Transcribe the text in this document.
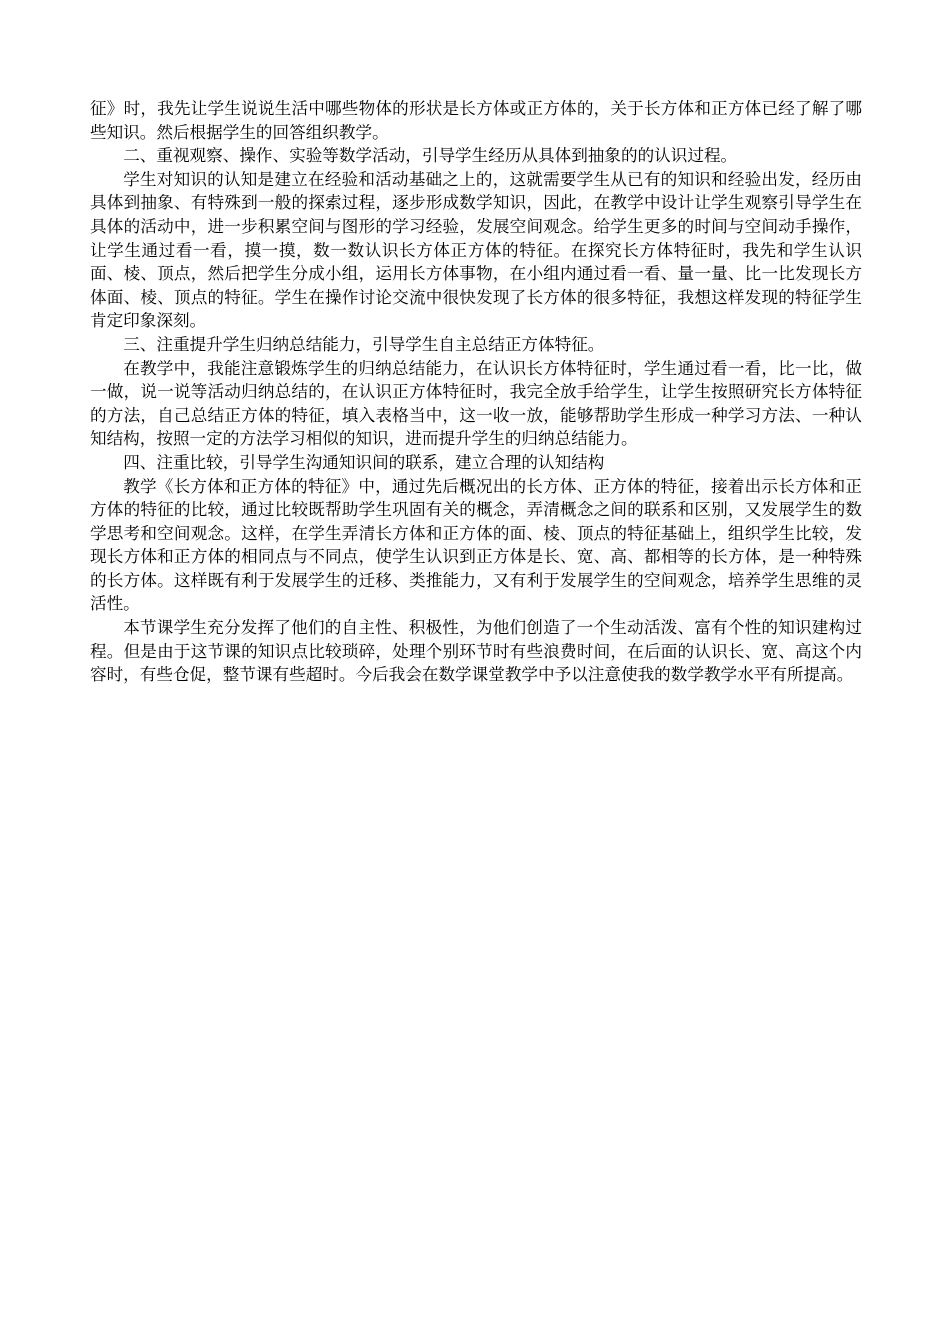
征》时，我先让学生说说生活中哪些物体的形状是长方体或正方体的，关于长方体和正方体已经了解了哪些知识。然后根据学生的回答组织教学。

二、重视观察、操作、实验等数学活动，引导学生经历从具体到抽象的的认识过程。

学生对知识的认知是建立在经验和活动基础之上的，这就需要学生从已有的知识和经验出发，经历由具体到抽象、有特殊到一般的探索过程，逐步形成数学知识，因此，在教学中设计让学生观察引导学生在具体的活动中，进一步积累空间与图形的学习经验，发展空间观念。给学生更多的时间与空间动手操作，让学生通过看一看，摸一摸，数一数认识长方体正方体的特征。在探究长方体特征时，我先和学生认识面、棱、顶点，然后把学生分成小组，运用长方体事物，在小组内通过看一看、量一量、比一比发现长方体面、棱、顶点的特征。学生在操作讨论交流中很快发现了长方体的很多特征，我想这样发现的特征学生肯定印象深刻。

三、注重提升学生归纳总结能力，引导学生自主总结正方体特征。

在教学中，我能注意锻炼学生的归纳总结能力，在认识长方体特征时，学生通过看一看，比一比，做一做，说一说等活动归纳总结的，在认识正方体特征时，我完全放手给学生，让学生按照研究长方体特征的方法，自己总结正方体的特征，填入表格当中，这一收一放，能够帮助学生形成一种学习方法、一种认知结构，按照一定的方法学习相似的知识，进而提升学生的归纳总结能力。

四、注重比较，引导学生沟通知识间的联系，建立合理的认知结构

教学《长方体和正方体的特征》中，通过先后概况出的长方体、正方体的特征，接着出示长方体和正方体的特征的比较，通过比较既帮助学生巩固有关的概念，弄清概念之间的联系和区别，又发展学生的数学思考和空间观念。这样，在学生弄清长方体和正方体的面、棱、顶点的特征基础上，组织学生比较，发现长方体和正方体的相同点与不同点，使学生认识到正方体是长、宽、高、都相等的长方体，是一种特殊的长方体。这样既有利于发展学生的迁移、类推能力，又有利于发展学生的空间观念，培养学生思维的灵活性。

本节课学生充分发挥了他们的自主性、积极性，为他们创造了一个生动活泼、富有个性的知识建构过程。但是由于这节课的知识点比较琐碎，处理个别环节时有些浪费时间，在后面的认识长、宽、高这个内容时，有些仓促，整节课有些超时。今后我会在数学课堂教学中予以注意使我的数学教学水平有所提高。
